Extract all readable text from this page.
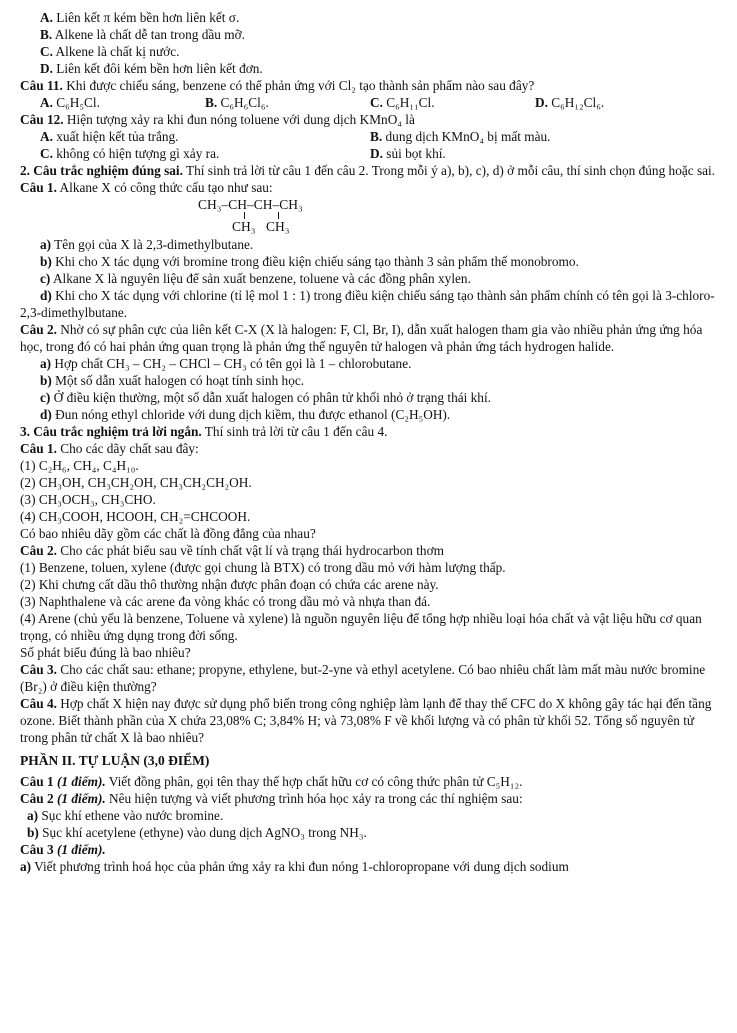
A. Liên kết π kém bền hơn liên kết σ.
B. Alkene là chất dễ tan trong dầu mỡ.
C. Alkene là chất kị nước.
D. Liên kết đôi kém bền hơn liên kết đơn.
Câu 11. Khi được chiếu sáng, benzene có thể phản ứng với Cl₂ tạo thành sản phẩm nào sau đây?
A. C₆H₅Cl.	B. C₆H₆Cl₆.	C. C₆H₁₁Cl.	D. C₆H₁₂Cl₆.
Câu 12. Hiện tượng xảy ra khi đun nóng toluene với dung dịch KMnO₄ là
A. xuất hiện kết tủa trắng.	B. dung dịch KMnO₄ bị mất màu.
C. không có hiện tượng gì xảy ra.	D. sủi bọt khí.
2. Câu trắc nghiệm đúng sai. Thí sinh trả lời từ câu 1 đến câu 2. Trong mỗi ý a), b), c), d) ở mỗi câu, thí sinh chọn đúng hoặc sai.
Câu 1. Alkane X có công thức cấu tạo như sau:
CH₃–CH–CH–CH₃
CH₃ CH₃
a) Tên gọi của X là 2,3-dimethylbutane.
b) Khi cho X tác dụng với bromine trong điều kiện chiếu sáng tạo thành 3 sản phẩm thế monobromo.
c) Alkane X là nguyên liệu để sản xuất benzene, toluene và các đồng phân xylen.
d) Khi cho X tác dụng với chlorine (tỉ lệ mol 1 : 1) trong điều kiện chiếu sáng tạo thành sản phẩm chính có tên gọi là 3-chloro-2,3-dimethylbutane.
Câu 2. Nhờ có sự phân cực của liên kết C-X (X là halogen: F, Cl, Br, I), dẫn xuất halogen tham gia vào nhiều phản ứng ứng hóa học, trong đó có hai phản ứng quan trọng là phản ứng thế nguyên tử halogen và phản ứng tách hydrogen halide.
a) Hợp chất CH₃ – CH₂ – CHCl – CH₃ có tên gọi là 1 – chlorobutane.
b) Một số dẫn xuất halogen có hoạt tính sinh học.
c) Ở điều kiện thường, một số dẫn xuất halogen có phân tử khối nhỏ ở trạng thái khí.
d) Đun nóng ethyl chloride với dung dịch kiềm, thu được ethanol (C₂H₅OH).
3. Câu trắc nghiệm trả lời ngắn. Thí sinh trả lời từ câu 1 đến câu 4.
Câu 1. Cho các dãy chất sau đây:
(1) C₂H₆, CH₄, C₄H₁₀.
(2) CH₃OH, CH₃CH₂OH, CH₃CH₂CH₂OH.
(3) CH₃OCH₃, CH₃CHO.
(4) CH₃COOH, HCOOH, CH₂=CHCOOH.
Có bao nhiêu dãy gồm các chất là đồng đẳng của nhau?
Câu 2. Cho các phát biểu sau về tính chất vật lí và trạng thái hydrocarbon thơm
(1) Benzene, toluen, xylene (được gọi chung là BTX) có trong dầu mỏ với hàm lượng thấp.
(2) Khi chưng cất dầu thô thường nhận được phân đoạn có chứa các arene này.
(3) Naphthalene và các arene đa vòng khác có trong dầu mỏ và nhựa than đá.
(4) Arene (chủ yếu là benzene, Toluene và xylene) là nguồn nguyên liệu để tổng hợp nhiều loại hóa chất và vật liệu hữu cơ quan trọng, có nhiều ứng dụng trong đời sống.
Số phát biểu đúng là bao nhiêu?
Câu 3. Cho các chất sau: ethane; propyne, ethylene, but-2-yne và ethyl acetylene. Có bao nhiêu chất làm mất màu nước bromine (Br₂) ở điều kiện thường?
Câu 4. Hợp chất X hiện nay được sử dụng phổ biến trong công nghiệp làm lạnh để thay thế CFC do X không gây tác hại đến tầng ozone. Biết thành phần của X chứa 23,08% C; 3,84% H; và 73,08% F về khối lượng và có phân tử khối 52. Tổng số nguyên tử trong phân tử chất X là bao nhiêu?
PHẦN II. TỰ LUẬN (3,0 ĐIỂM)
Câu 1 (1 điểm). Viết đồng phân, gọi tên thay thế hợp chất hữu cơ có công thức phân tử C₅H₁₂.
Câu 2 (1 điểm). Nêu hiện tượng và viết phương trình hóa học xảy ra trong các thí nghiệm sau:
a) Sục khí ethene vào nước bromine.
b) Sục khí acetylene (ethyne) vào dung dịch AgNO₃ trong NH₃.
Câu 3 (1 điểm).
a) Viết phương trình hoá học của phản ứng xảy ra khi đun nóng 1-chloropropane với dung dịch sodium
